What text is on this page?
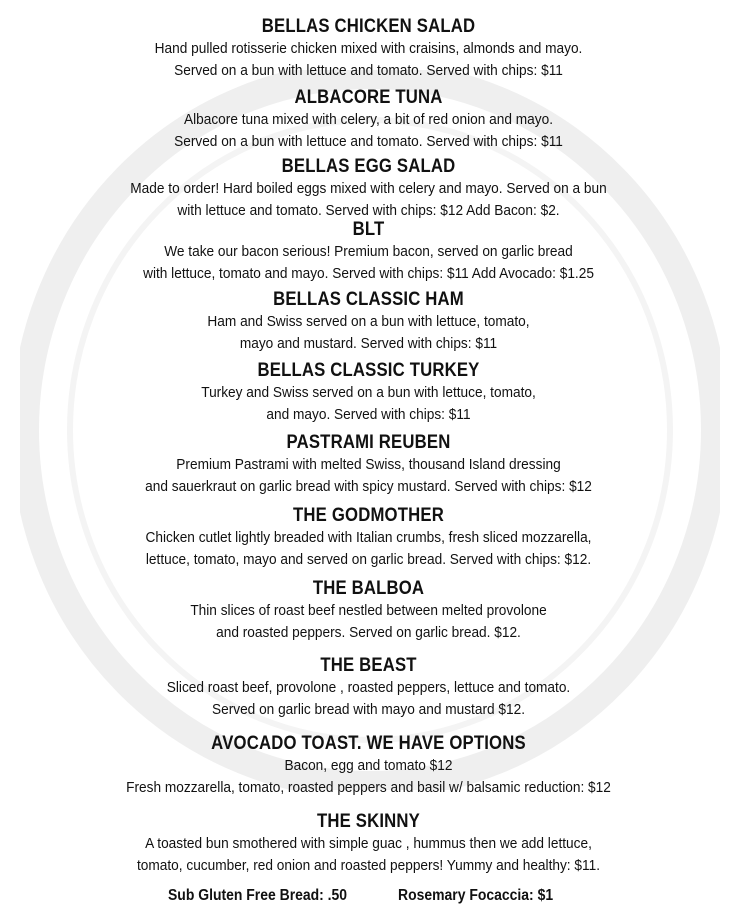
BELLAS CHICKEN SALAD

Hand pulled rotisserie chicken mixed with craisins, almonds and mayo.

Served on a bun with lettuce and tomato. Served with chips: $11

ALBACORE TUNA

Albacore tuna mixed with celery, a bit of red onion and mayo.

Served on a bun with lettuce and tomato. Served with chips: $11

BELLAS EGG SALAD

Made to order! Hard boiled eggs mixed with celery and mayo. Served on a bun

with lettuce and tomato. Served with chips: $12 Add Bacon: $2.

BLT

We take our bacon serious! Premium bacon, served on garlic bread

with lettuce, tomato and mayo. Served with chips: $11 Add Avocado: $1.25

BELLAS CLASSIC HAM

Ham and Swiss served on a bun with lettuce, tomato,

mayo and mustard. Served with chips: $11

BELLAS CLASSIC TURKEY

Turkey and Swiss served on a bun with lettuce, tomato,

and mayo. Served with chips: $11

PASTRAMI REUBEN

Premium Pastrami with melted Swiss, thousand Island dressing

and sauerkraut on garlic bread with spicy mustard. Served with chips: $12

THE GODMOTHER

Chicken cutlet lightly breaded with Italian crumbs, fresh sliced mozzarella,

lettuce, tomato, mayo and served on garlic bread. Served with chips: $12.

THE BALBOA

Thin slices of roast beef nestled between melted provolone

and roasted peppers. Served on garlic bread. $12.

THE BEAST

Sliced roast beef, provolone , roasted peppers, lettuce and tomato.

Served on garlic bread with mayo and mustard $12.

AVOCADO TOAST. WE HAVE OPTIONS

Bacon, egg and tomato $12

Fresh mozzarella, tomato, roasted peppers and basil w/ balsamic reduction: $12

THE SKINNY

A toasted bun smothered with simple guac , hummus then we add lettuce,

tomato, cucumber, red onion and roasted peppers! Yummy and healthy: $11.

Sub Gluten Free Bread: .50	Rosemary Focaccia: $1
